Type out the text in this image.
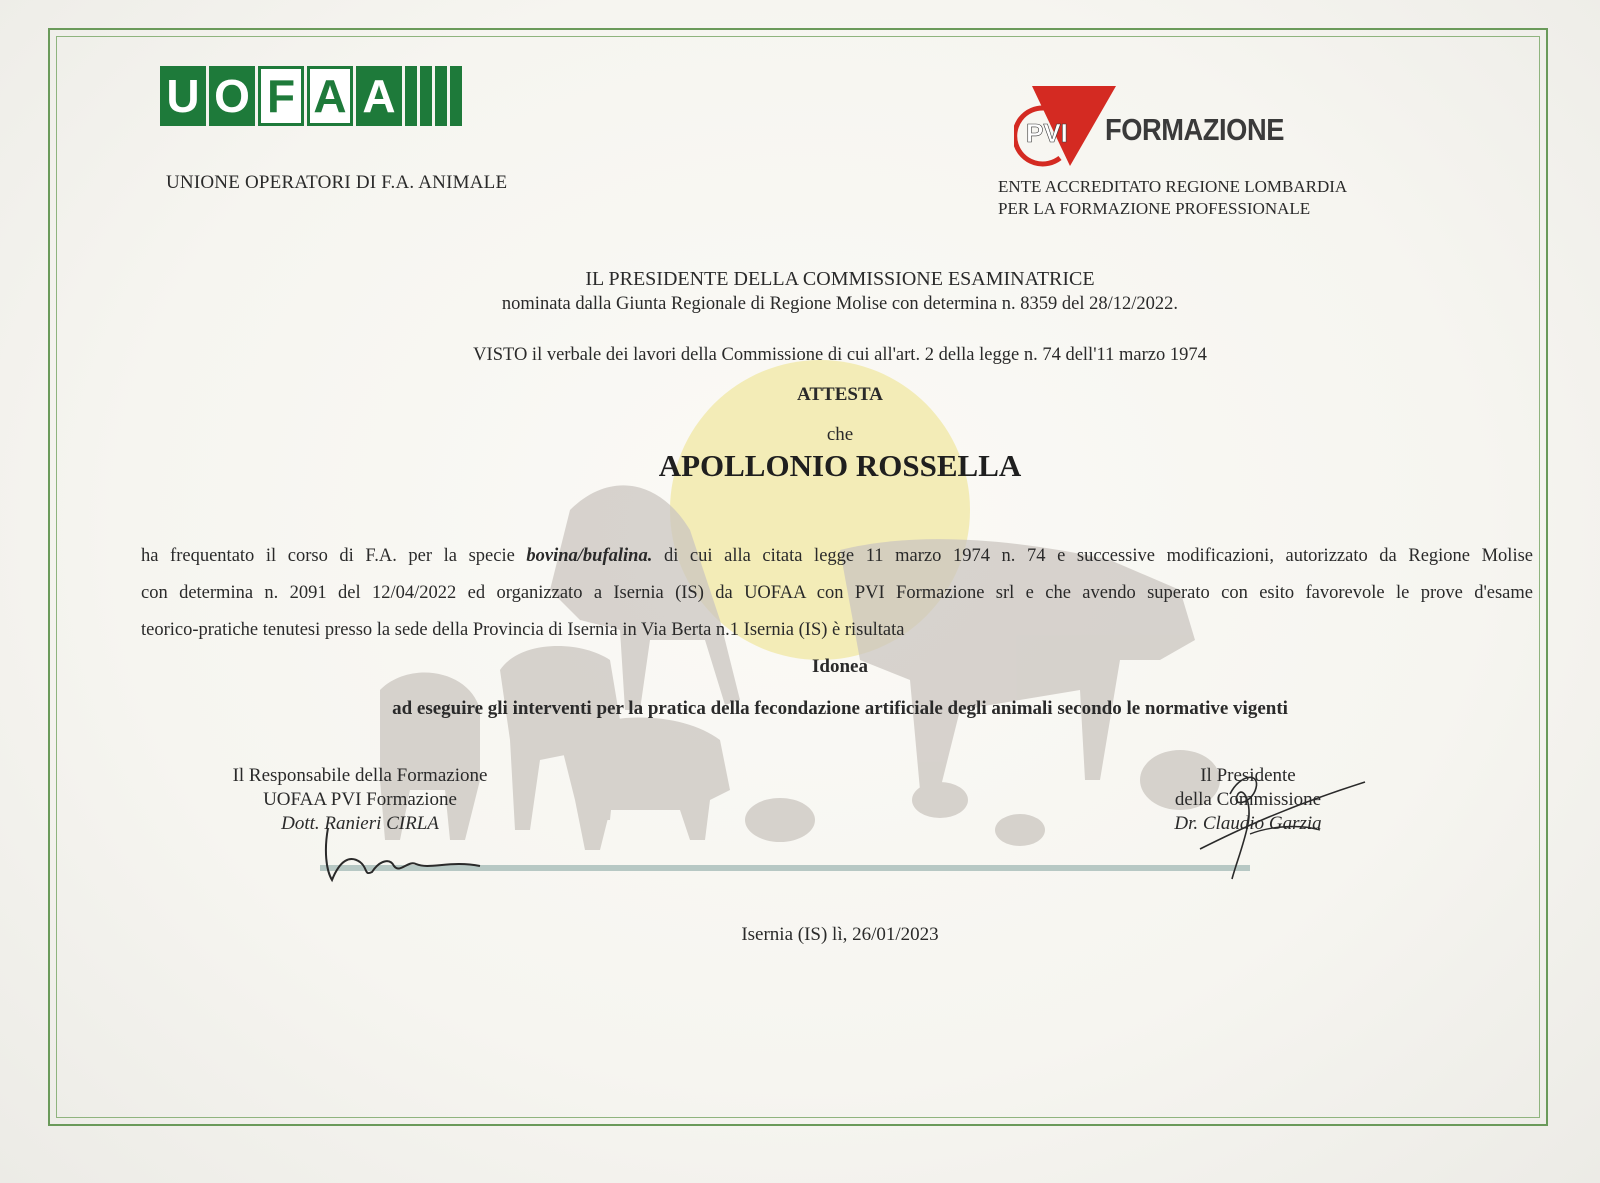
U O F A A
UNIONE OPERATORI DI F.A. ANIMALE
PVI FORMAZIONE
ENTE ACCREDITATO REGIONE LOMBARDIA
PER LA FORMAZIONE PROFESSIONALE
IL PRESIDENTE DELLA COMMISSIONE ESAMINATRICE
nominata dalla Giunta Regionale di Regione Molise con determina n. 8359 del 28/12/2022.
VISTO il verbale dei lavori della Commissione di cui all'art. 2 della legge n. 74 dell'11 marzo 1974
ATTESTA
che
APOLLONIO ROSSELLA
ha frequentato il corso di F.A. per la specie bovina/bufalina. di cui alla citata legge 11 marzo 1974 n. 74 e successive modificazioni, autorizzato da Regione Molise
con determina n. 2091 del 12/04/2022 ed organizzato a Isernia (IS) da UOFAA con PVI Formazione srl e che avendo superato con esito favorevole le prove d'esame
teorico-pratiche tenutesi presso la sede della Provincia di Isernia in Via Berta n.1 Isernia (IS) è risultata
Idonea
ad eseguire gli interventi per la pratica della fecondazione artificiale degli animali secondo le normative vigenti
Il Responsabile della Formazione
UOFAA PVI Formazione
Dott. Ranieri CIRLA
Il Presidente
della Commissione
Dr. Claudio Garzia
Isernia (IS) lì, 26/01/2023
